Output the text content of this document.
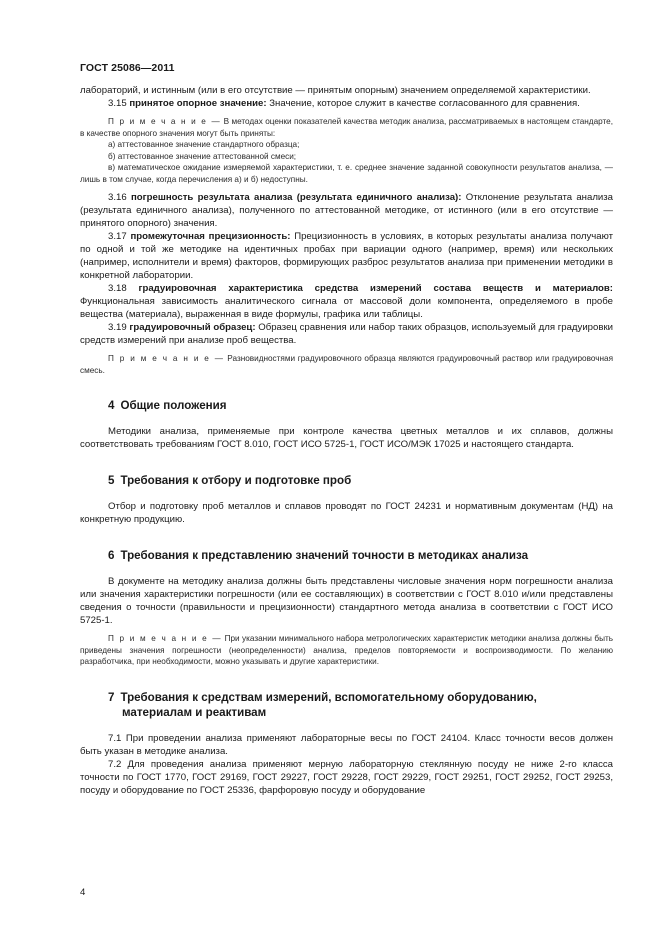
ГОСТ 25086—2011

лабораторий, и истинным (или в его отсутствие — принятым опорным) значением определяемой характеристики.

3.15 принятое опорное значение: Значение, которое служит в качестве согласованного для сравнения.

П р и м е ч а н и е — В методах оценки показателей качества методик анализа, рассматриваемых в настоящем стандарте, в качестве опорного значения могут быть приняты:

а) аттестованное значение стандартного образца;

б) аттестованное значение аттестованной смеси;

в) математическое ожидание измеряемой характеристики, т. е. среднее значение заданной совокупности результатов анализа, — лишь в том случае, когда перечисления а) и б) недоступны.

3.16 погрешность результата анализа (результата единичного анализа): Отклонение результата анализа (результата единичного анализа), полученного по аттестованной методике, от истинного (или в его отсутствие — принятого опорного) значения.

3.17 промежуточная прецизионность: Прецизионность в условиях, в которых результаты анализа получают по одной и той же методике на идентичных пробах при вариации одного (например, время) или нескольких (например, исполнители и время) факторов, формирующих разброс результатов анализа при применении методики в конкретной лаборатории.

3.18 градуировочная характеристика средства измерений состава веществ и материалов: Функциональная зависимость аналитического сигнала от массовой доли компонента, определяемого в пробе вещества (материала), выраженная в виде формулы, графика или таблицы.

3.19 градуировочный образец: Образец сравнения или набор таких образцов, используемый для градуировки средств измерений при анализе проб вещества.

П р и м е ч а н и е — Разновидностями градуировочного образца являются градуировочный раствор или градуировочная смесь.

4 Общие положения

Методики анализа, применяемые при контроле качества цветных металлов и их сплавов, должны соответствовать требованиям ГОСТ 8.010, ГОСТ ИСО 5725-1, ГОСТ ИСО/МЭК 17025 и настоящего стандарта.

5 Требования к отбору и подготовке проб

Отбор и подготовку проб металлов и сплавов проводят по ГОСТ 24231 и нормативным документам (НД) на конкретную продукцию.

6 Требования к представлению значений точности в методиках анализа

В документе на методику анализа должны быть представлены числовые значения норм погрешности анализа или значения характеристики погрешности (или ее составляющих) в соответствии с ГОСТ 8.010 и/или представлены сведения о точности (правильности и прецизионности) стандартного метода анализа в соответствии с ГОСТ ИСО 5725-1.

П р и м е ч а н и е — При указании минимального набора метрологических характеристик методики анализа должны быть приведены значения погрешности (неопределенности) анализа, пределов повторяемости и воспроизводимости. По желанию разработчика, при необходимости, можно указывать и другие характеристики.

7 Требования к средствам измерений, вспомогательному оборудованию,
материалам и реактивам

7.1 При проведении анализа применяют лабораторные весы по ГОСТ 24104. Класс точности весов должен быть указан в методике анализа.

7.2 Для проведения анализа применяют мерную лабораторную стеклянную посуду не ниже 2-го класса точности по ГОСТ 1770, ГОСТ 29169, ГОСТ 29227, ГОСТ 29228, ГОСТ 29229, ГОСТ 29251, ГОСТ 29252, ГОСТ 29253, посуду и оборудование по ГОСТ 25336, фарфоровую посуду и оборудование

4
